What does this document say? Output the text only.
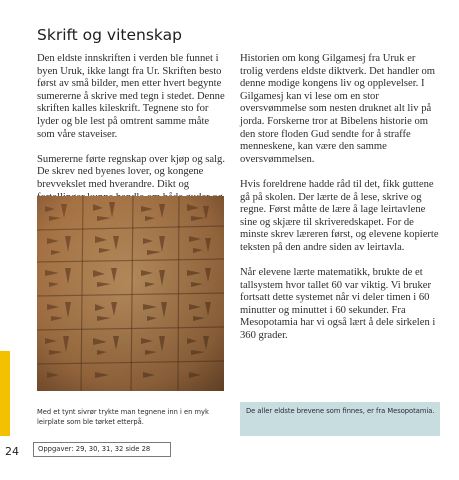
Skrift og vitenskap

Den eldste innskriften i verden ble funnet i byen Uruk, ikke langt fra Ur. Skriften besto først av små bilder, men etter hvert begynte sumererne å skrive med tegn i stedet. Denne skriften kalles kileskrift. Tegnene sto for lyder og ble lest på omtrent samme måte som våre staveiser.

Sumererne førte regnskap over kjøp og salg. De skrev ned byenes lover, og kongene brevvekslet med hverandre. Dikt og

Historien om kong Gilgamesj fra Uruk er trolig verdens eldste diktverk. Det handler om denne modige kongens liv og opplevelser. I Gilgamesj kan vi lese om en stor oversvømmelse som nesten druknet alt liv på jorda. Forskerne tror at Bibelens historie om den store floden Gud sendte for å straffe menneskene, kan være den samme oversvømmelsen.

Hvis foreldrene hadde råd til det, fikk guttene gå på skolen. Der lærte de å lese, skrive og regne. Først måtte de lære å lage leirtavlene sine og skjære til skriveredskapet. For de minste skrev læreren først, og elevene kopierte teksten på den andre siden av leirtavla.

Når elevene lærte matematikk, brukte de et tallsystem hvor tallet 60 var viktig. Vi bruker fortsatt dette systemet når vi deler timen i 60 minutter og minuttet i 60 sekunder. Fra Mesopotamia har vi også lært å dele sirkelen i 360 grader.

Med et tynt sivrør trykte man tegnene inn i en myk leirplate som ble tørket etterpå.
Visste du det?
De aller eldste brevene som finnes, er fra Mesopotamia.
24	Oppgaver: 29, 30, 31, 32 side 28
